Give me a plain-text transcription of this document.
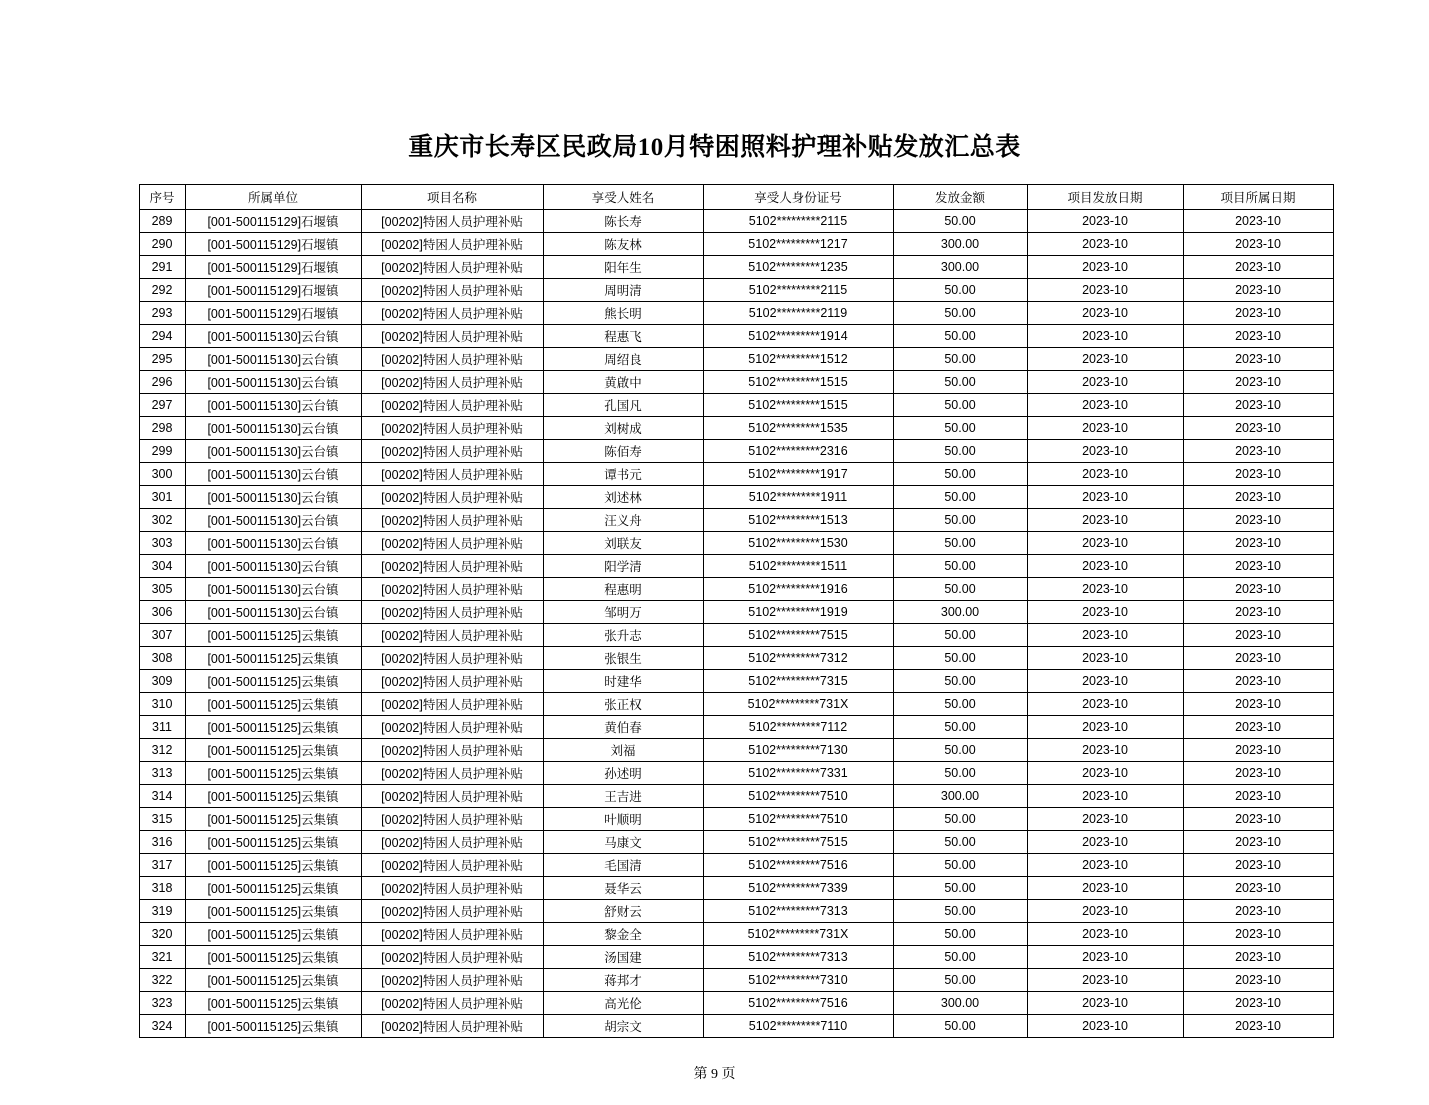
重庆市长寿区民政局10月特困照料护理补贴发放汇总表
序号	所属单位	项目名称	享受人姓名	享受人身份证号	发放金额	项目发放日期	项目所属日期
289	[001-500115129]石堰镇	[00202]特困人员护理补贴	陈长寿	5102*********2115	50.00	2023-10	2023-10
290	[001-500115129]石堰镇	[00202]特困人员护理补贴	陈友林	5102*********1217	300.00	2023-10	2023-10
291	[001-500115129]石堰镇	[00202]特困人员护理补贴	阳年生	5102*********1235	300.00	2023-10	2023-10
292	[001-500115129]石堰镇	[00202]特困人员护理补贴	周明清	5102*********2115	50.00	2023-10	2023-10
293	[001-500115129]石堰镇	[00202]特困人员护理补贴	熊长明	5102*********2119	50.00	2023-10	2023-10
294	[001-500115130]云台镇	[00202]特困人员护理补贴	程惠飞	5102*********1914	50.00	2023-10	2023-10
295	[001-500115130]云台镇	[00202]特困人员护理补贴	周绍良	5102*********1512	50.00	2023-10	2023-10
296	[001-500115130]云台镇	[00202]特困人员护理补贴	黄啟中	5102*********1515	50.00	2023-10	2023-10
297	[001-500115130]云台镇	[00202]特困人员护理补贴	孔国凡	5102*********1515	50.00	2023-10	2023-10
298	[001-500115130]云台镇	[00202]特困人员护理补贴	刘树成	5102*********1535	50.00	2023-10	2023-10
299	[001-500115130]云台镇	[00202]特困人员护理补贴	陈佰寿	5102*********2316	50.00	2023-10	2023-10
300	[001-500115130]云台镇	[00202]特困人员护理补贴	谭书元	5102*********1917	50.00	2023-10	2023-10
301	[001-500115130]云台镇	[00202]特困人员护理补贴	刘述林	5102*********1911	50.00	2023-10	2023-10
302	[001-500115130]云台镇	[00202]特困人员护理补贴	汪义舟	5102*********1513	50.00	2023-10	2023-10
303	[001-500115130]云台镇	[00202]特困人员护理补贴	刘联友	5102*********1530	50.00	2023-10	2023-10
304	[001-500115130]云台镇	[00202]特困人员护理补贴	阳学清	5102*********1511	50.00	2023-10	2023-10
305	[001-500115130]云台镇	[00202]特困人员护理补贴	程惠明	5102*********1916	50.00	2023-10	2023-10
306	[001-500115130]云台镇	[00202]特困人员护理补贴	邹明万	5102*********1919	300.00	2023-10	2023-10
307	[001-500115125]云集镇	[00202]特困人员护理补贴	张升志	5102*********7515	50.00	2023-10	2023-10
308	[001-500115125]云集镇	[00202]特困人员护理补贴	张银生	5102*********7312	50.00	2023-10	2023-10
309	[001-500115125]云集镇	[00202]特困人员护理补贴	时建华	5102*********7315	50.00	2023-10	2023-10
310	[001-500115125]云集镇	[00202]特困人员护理补贴	张正权	5102*********731X	50.00	2023-10	2023-10
311	[001-500115125]云集镇	[00202]特困人员护理补贴	黄伯春	5102*********7112	50.00	2023-10	2023-10
312	[001-500115125]云集镇	[00202]特困人员护理补贴	刘福	5102*********7130	50.00	2023-10	2023-10
313	[001-500115125]云集镇	[00202]特困人员护理补贴	孙述明	5102*********7331	50.00	2023-10	2023-10
314	[001-500115125]云集镇	[00202]特困人员护理补贴	王吉进	5102*********7510	300.00	2023-10	2023-10
315	[001-500115125]云集镇	[00202]特困人员护理补贴	叶顺明	5102*********7510	50.00	2023-10	2023-10
316	[001-500115125]云集镇	[00202]特困人员护理补贴	马康文	5102*********7515	50.00	2023-10	2023-10
317	[001-500115125]云集镇	[00202]特困人员护理补贴	毛国清	5102*********7516	50.00	2023-10	2023-10
318	[001-500115125]云集镇	[00202]特困人员护理补贴	聂华云	5102*********7339	50.00	2023-10	2023-10
319	[001-500115125]云集镇	[00202]特困人员护理补贴	舒财云	5102*********7313	50.00	2023-10	2023-10
320	[001-500115125]云集镇	[00202]特困人员护理补贴	黎金全	5102*********731X	50.00	2023-10	2023-10
321	[001-500115125]云集镇	[00202]特困人员护理补贴	汤国建	5102*********7313	50.00	2023-10	2023-10
322	[001-500115125]云集镇	[00202]特困人员护理补贴	蒋邦才	5102*********7310	50.00	2023-10	2023-10
323	[001-500115125]云集镇	[00202]特困人员护理补贴	高光伦	5102*********7516	300.00	2023-10	2023-10
324	[001-500115125]云集镇	[00202]特困人员护理补贴	胡宗文	5102*********7110	50.00	2023-10	2023-10
第 9 页
